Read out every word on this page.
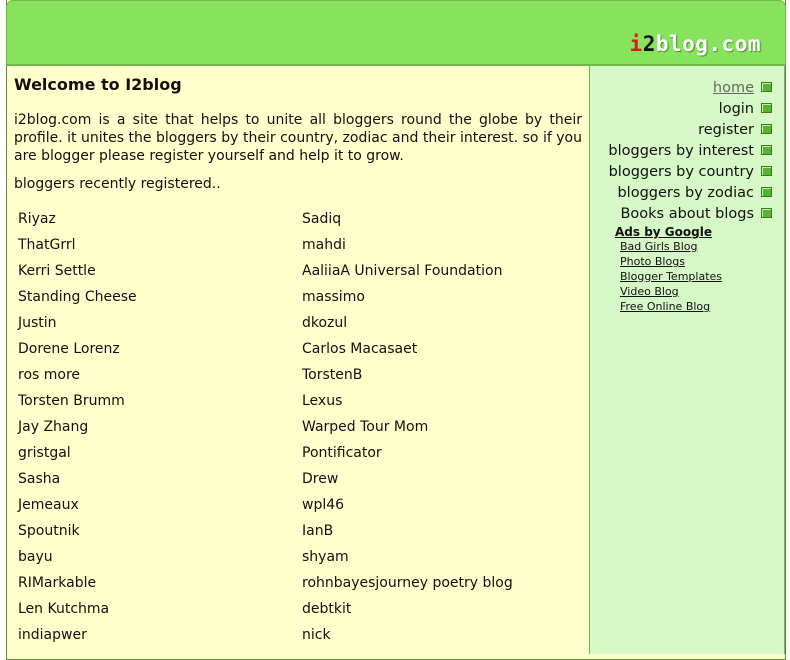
i2blog.com
Welcome to I2blog

i2blog.com is a site that helps to unite all bloggers round the globe by their profile. it unites the bloggers by their country, zodiac and their interest. so if you are blogger please register yourself and help it to grow.

bloggers recently registered..

Riyaz
ThatGrrl
Kerri Settle
Standing Cheese
Justin
Dorene Lorenz
ros more
Torsten Brumm
Jay Zhang
gristgal
Sasha
Jemeaux
Spoutnik
bayu
RIMarkable
Len Kutchma
indiapwer
Sadiq
mahdi
AaliiaA Universal Foundation
massimo
dkozul
Carlos Macasaet
TorstenB
Lexus
Warped Tour Mom
Pontificator
Drew
wpl46
IanB
shyam
rohnbayesjourney poetry blog
debtkit
nick
home
login
register
bloggers by interest
bloggers by country
bloggers by zodiac
Books about blogs
Ads by Google
Bad Girls Blog
Photo Blogs
Blogger Templates
Video Blog
Free Online Blog
